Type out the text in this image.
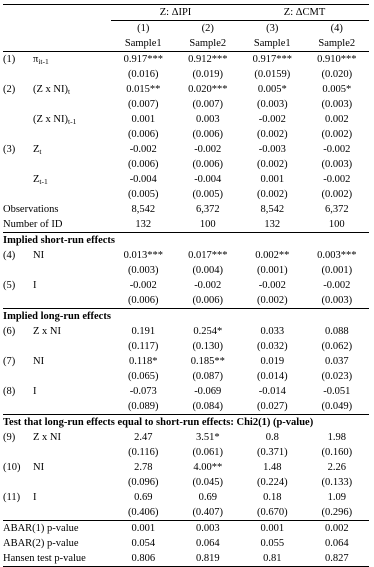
		Z: ΔIPI		Z: ΔCMT	
		(1)	(2)	(3)	(4)
		Sample1	Sample2	Sample1	Sample2
(1)	$\pi_{it-1}$	0.917***	0.912***	0.917***	0.910***
		(0.016)	(0.019)	(0.0159)	(0.020)
(2)	(Z x $NI)_t$	0.015**	0.020***	0.005*	0.005*
		(0.007)	(0.007)	(0.003)	(0.003)
	(Z x $NI)_{t-1}$	0.001	0.003	-0.002	0.002
		(0.006)	(0.006)	(0.002)	(0.002)
(3)	$Z_t$	-0.002	-0.002	-0.003	-0.002
		(0.006)	(0.006)	(0.002)	(0.003)
	$Z_{t-1}$	-0.004	-0.004	0.001	-0.002
		(0.005)	(0.005)	(0.002)	(0.002)
Observations		8,542	6,372	8,542	6,372
Number of ID		132	100	132	100
Implied short-run effects					
(4)	NI	0.013***	0.017***	0.002**	0.003***
		(0.003)	(0.004)	(0.001)	(0.001)
(5)	I	-0.002	-0.002	-0.002	-0.002
		(0.006)	(0.006)	(0.002)	(0.003)
Implied long-run effects					
(6)	Z x NI	0.191	0.254*	0.033	0.088
		(0.117)	(0.130)	(0.032)	(0.062)
(7)	NI	0.118*	0.185**	0.019	0.037
		(0.065)	(0.087)	(0.014)	(0.023)
(8)	I	-0.073	-0.069	-0.014	-0.051
		(0.089)	(0.084)	(0.027)	(0.049)
Test that long-run effects equal to short-run effects: Chi2(1) (p-value)					
(9)	Z x NI	2.47	3.51*	0.8	1.98
		(0.116)	(0.061)	(0.371)	(0.160)
(10)	NI	2.78	4.00**	1.48	2.26
		(0.096)	(0.045)	(0.224)	(0.133)
(11)	I	0.69	0.69	0.18	1.09
		(0.406)	(0.407)	(0.670)	(0.296)
ABAR(1) p-value		0.001	0.003	0.001	0.002
ABAR(2) p-value		0.054	0.064	0.055	0.064
Hansen test p-value		0.806	0.819	0.81	0.827
